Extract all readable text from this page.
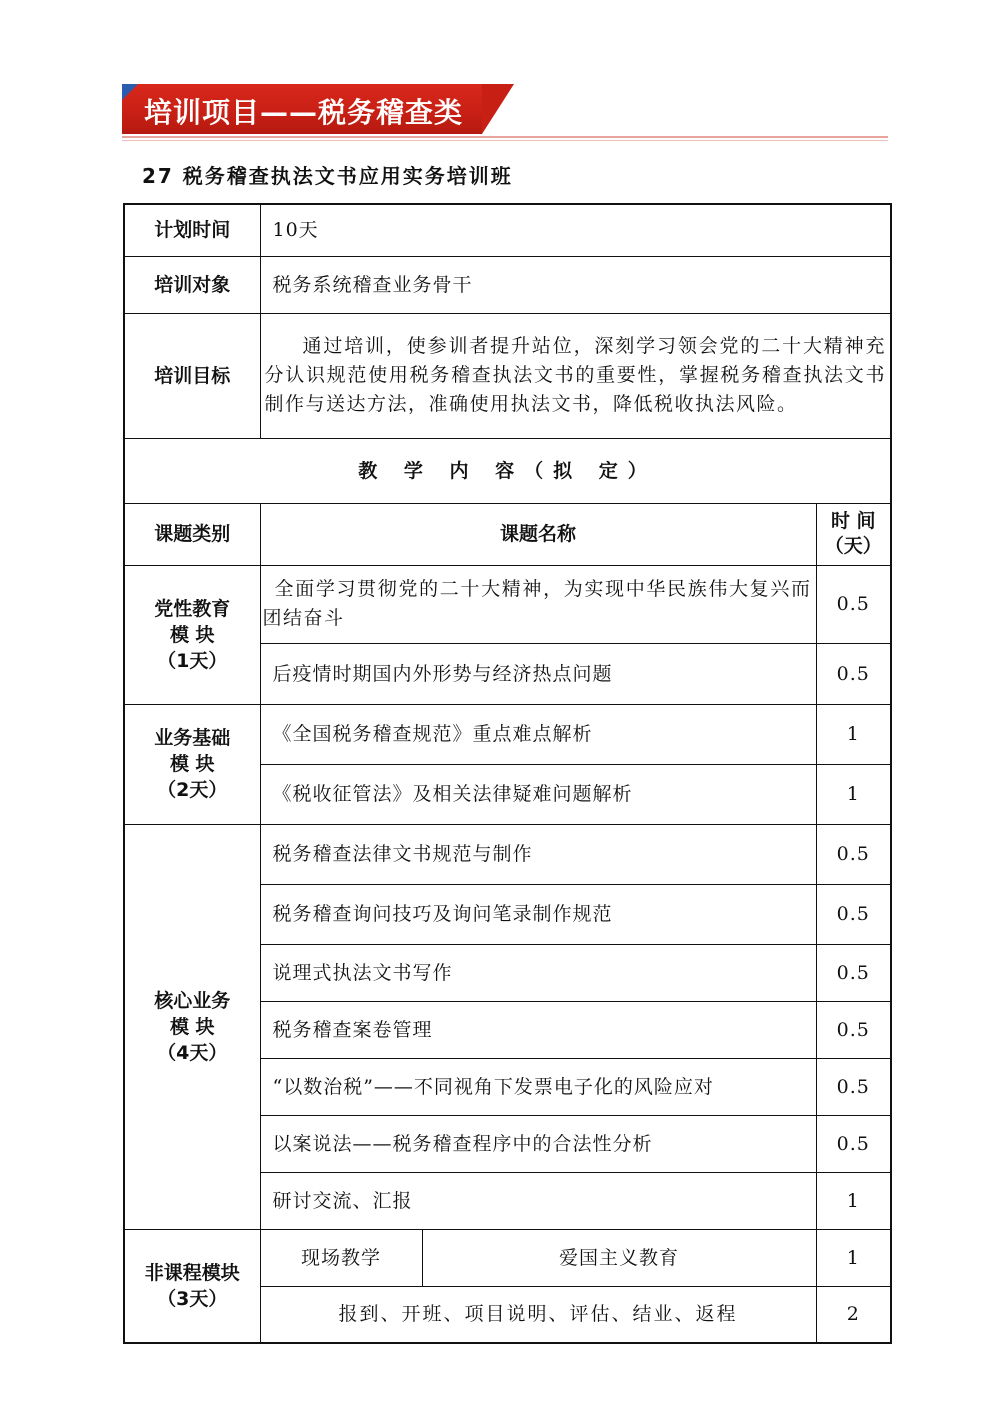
培训项目——税务稽查类
27 税务稽查执法文书应用实务培训班
计划时间	10天		
培训对象	税务系统稽查业务骨干		
培训目标	通过培训，使参训者提升站位，深刻学习领会党的二十大精神充分认识规范使用税务稽查执法文书的重要性，掌握税务稽查执法文书制作与送达方法，准确使用执法文书，降低税收执法风险。		
教 学 内 容（拟 定）			
课题类别	课题名称		时 间
（天）
党性教育
模 块
（1天）	全面学习贯彻党的二十大精神，为实现中华民族伟大复兴而团结奋斗		0.5
	后疫情时期国内外形势与经济热点问题		0.5
业务基础
模 块
（2天）	《全国税务稽查规范》重点难点解析		1
	《税收征管法》及相关法律疑难问题解析		1
核心业务
模 块
（4天）	税务稽查法律文书规范与制作		0.5
	税务稽查询问技巧及询问笔录制作规范		0.5
	说理式执法文书写作		0.5
	税务稽查案卷管理		0.5
	“以数治税”——不同视角下发票电子化的风险应对		0.5
	以案说法——税务稽查程序中的合法性分析		0.5
	研讨交流、汇报		1
非课程模块
（3天）	现场教学	爱国主义教育	1
	报到、开班、项目说明、评估、结业、返程		2
